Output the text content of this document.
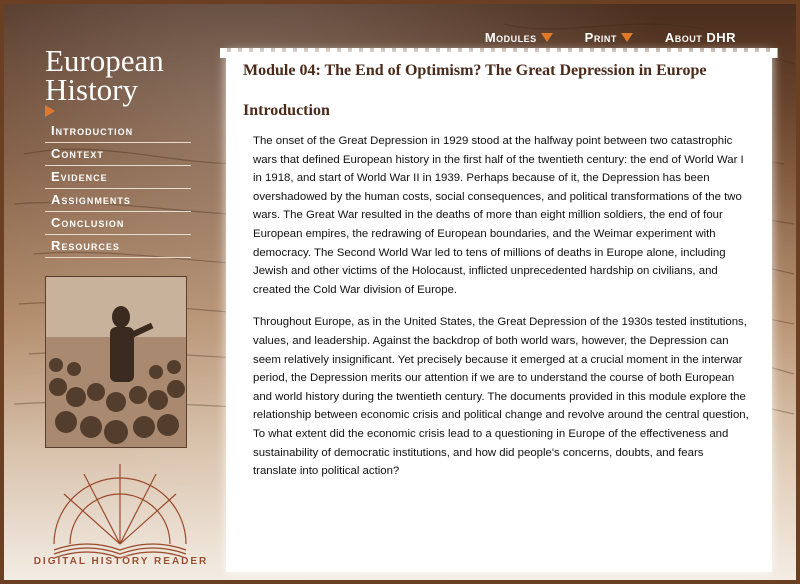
Modules	Print	About DHR
European
History
Introduction
Context
Evidence
Assignments
Conclusion
Resources
DIGITAL HISTORY READER
Module 04: The End of Optimism? The Great Depression in Europe
Introduction

The onset of the Great Depression in 1929 stood at the halfway point between two catastrophic wars that defined European history in the first half of the twentieth century: the end of World War I in 1918, and start of World War II in 1939. Perhaps because of it, the Depression has been overshadowed by the human costs, social consequences, and political transformations of the two wars. The Great War resulted in the deaths of more than eight million soldiers, the end of four European empires, the redrawing of European boundaries, and the Weimar experiment with democracy. The Second World War led to tens of millions of deaths in Europe alone, including Jewish and other victims of the Holocaust, inflicted unprecedented hardship on civilians, and created the Cold War division of Europe.

Throughout Europe, as in the United States, the Great Depression of the 1930s tested institutions, values, and leadership. Against the backdrop of both world wars, however, the Depression can seem relatively insignificant. Yet precisely because it emerged at a crucial moment in the interwar period, the Depression merits our attention if we are to understand the course of both European and world history during the twentieth century. The documents provided in this module explore the relationship between economic crisis and political change and revolve around the central question, To what extent did the economic crisis lead to a questioning in Europe of the effectiveness and sustainability of democratic institutions, and how did people's concerns, doubts, and fears translate into political action?
